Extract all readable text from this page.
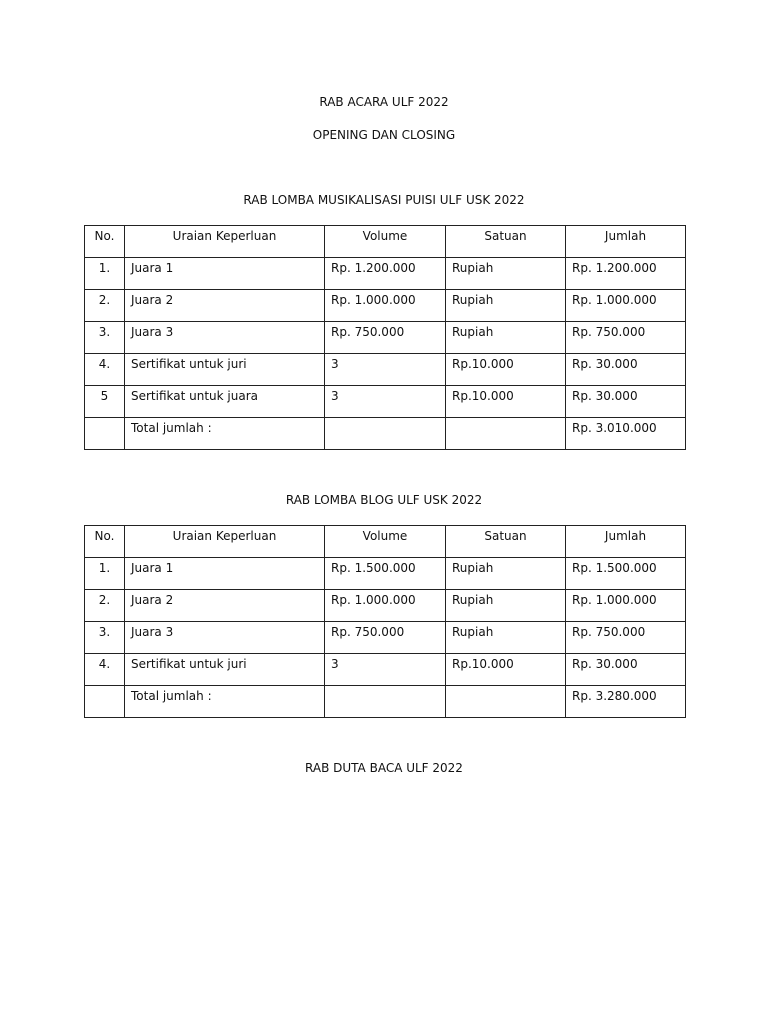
RAB ACARA ULF 2022
OPENING DAN CLOSING
RAB LOMBA MUSIKALISASI PUISI ULF USK 2022
No.	Uraian Keperluan	Volume	Satuan	Jumlah
1.	Juara 1	Rp. 1.200.000	Rupiah	Rp. 1.200.000
2.	Juara 2	Rp. 1.000.000	Rupiah	Rp. 1.000.000
3.	Juara 3	Rp. 750.000	Rupiah	Rp. 750.000
4.	Sertifikat untuk juri	3	Rp.10.000	Rp. 30.000
5	Sertifikat untuk juara	3	Rp.10.000	Rp. 30.000
	Total jumlah :			Rp. 3.010.000
RAB LOMBA BLOG ULF USK 2022
No.	Uraian Keperluan	Volume	Satuan	Jumlah
1.	Juara 1	Rp. 1.500.000	Rupiah	Rp. 1.500.000
2.	Juara 2	Rp. 1.000.000	Rupiah	Rp. 1.000.000
3.	Juara 3	Rp. 750.000	Rupiah	Rp. 750.000
4.	Sertifikat untuk juri	3	Rp.10.000	Rp. 30.000
	Total jumlah :			Rp. 3.280.000
RAB DUTA BACA ULF 2022
